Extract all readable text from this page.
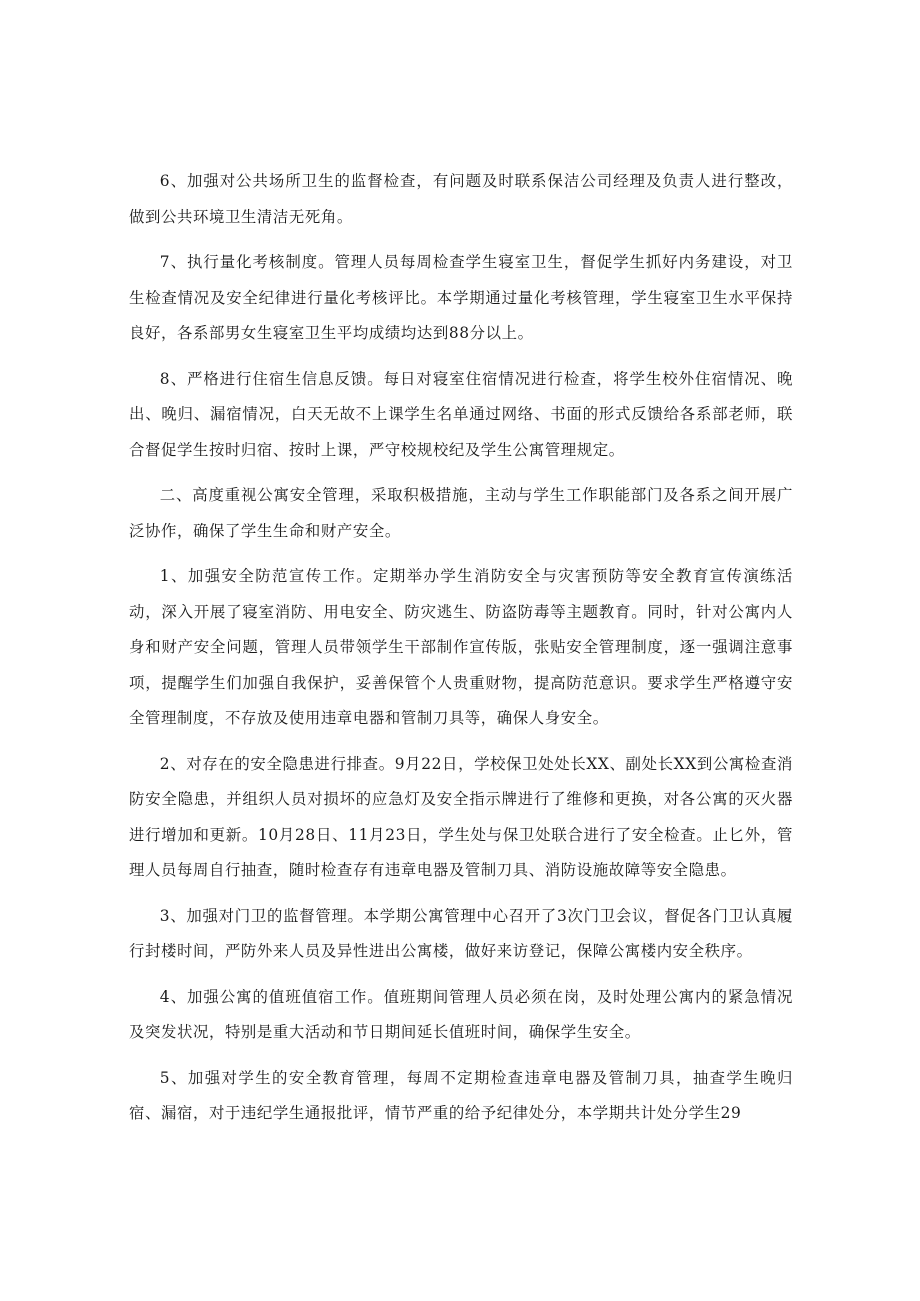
6、加强对公共场所卫生的监督检查，有问题及时联系保洁公司经理及负责人进行整改，做到公共环境卫生清洁无死角。

7、执行量化考核制度。管理人员每周检查学生寝室卫生，督促学生抓好内务建设，对卫生检查情况及安全纪律进行量化考核评比。本学期通过量化考核管理，学生寝室卫生水平保持良好，各系部男女生寝室卫生平均成绩均达到88分以上。

8、严格进行住宿生信息反馈。每日对寝室住宿情况进行检查，将学生校外住宿情况、晚出、晚归、漏宿情况，白天无故不上课学生名单通过网络、书面的形式反馈给各系部老师，联合督促学生按时归宿、按时上课，严守校规校纪及学生公寓管理规定。

二、高度重视公寓安全管理，采取积极措施，主动与学生工作职能部门及各系之间开展广泛协作，确保了学生生命和财产安全。

1、加强安全防范宣传工作。定期举办学生消防安全与灾害预防等安全教育宣传演练活动，深入开展了寝室消防、用电安全、防灾逃生、防盗防毒等主题教育。同时，针对公寓内人身和财产安全问题，管理人员带领学生干部制作宣传版，张贴安全管理制度，逐一强调注意事项，提醒学生们加强自我保护，妥善保管个人贵重财物，提高防范意识。要求学生严格遵守安全管理制度，不存放及使用违章电器和管制刀具等，确保人身安全。

2、对存在的安全隐患进行排查。9月22日，学校保卫处处长XX、副处长XX到公寓检查消防安全隐患，并组织人员对损坏的应急灯及安全指示牌进行了维修和更换，对各公寓的灭火器进行增加和更新。10月28日、11月23日，学生处与保卫处联合进行了安全检查。止匕外，管理人员每周自行抽查，随时检查存有违章电器及管制刀具、消防设施故障等安全隐患。

3、加强对门卫的监督管理。本学期公寓管理中心召开了3次门卫会议，督促各门卫认真履行封楼时间，严防外来人员及异性进出公寓楼，做好来访登记，保障公寓楼内安全秩序。

4、加强公寓的值班值宿工作。值班期间管理人员必须在岗，及时处理公寓内的紧急情况及突发状况，特别是重大活动和节日期间延长值班时间，确保学生安全。

5、加强对学生的安全教育管理，每周不定期检查违章电器及管制刀具，抽查学生晚归宿、漏宿，对于违纪学生通报批评，情节严重的给予纪律处分，本学期共计处分学生29
